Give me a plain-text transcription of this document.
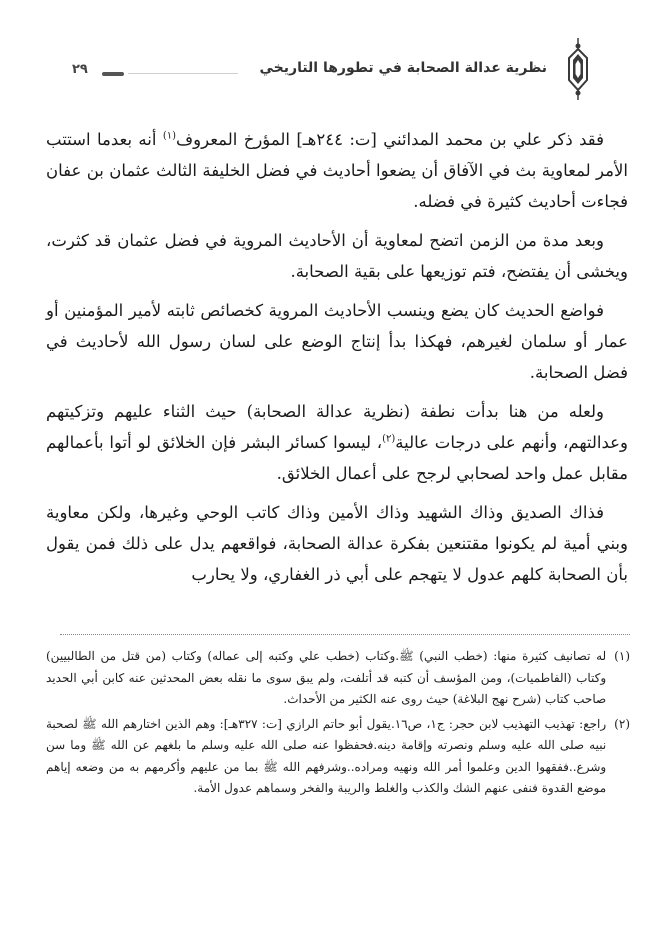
نظرية عدالة الصحابة في تطورها التاريخي
٢٩

فقد ذكر علي بن محمد المدائني [ت: ٢٤٤هـ] المؤرخ المعروف$^{(١)}$ أنه بعدما استتب الأمر لمعاوية بث في الآفاق أن يضعوا أحاديث في فضل الخليفة الثالث عثمان بن عفان فجاءت أحاديث كثيرة في فضله.

وبعد مدة من الزمن اتضح لمعاوية أن الأحاديث المروية في فضل عثمان قد كثرت، ويخشى أن يفتضح، فتم توزيعها على بقية الصحابة.

فواضع الحديث كان يضع وينسب الأحاديث المروية كخصائص ثابته لأمير المؤمنين أو عمار أو سلمان لغيرهم، فهكذا بدأ إنتاج الوضع على لسان رسول الله لأحاديث في فضل الصحابة.

ولعله من هنا بدأت نطفة (نظرية عدالة الصحابة) حيث الثناء عليهم وتزكيتهم وعدالتهم، وأنهم على درجات عالية$^{(٢)}$، ليسوا كسائر البشر فإن الخلائق لو أتوا بأعمالهم مقابل عمل واحد لصحابي لرجح على أعمال الخلائق.

فذاك الصديق وذاك الشهيد وذاك الأمين وذاك كاتب الوحي وغيرها، ولكن معاوية وبني أمية لم يكونوا مقتنعين بفكرة عدالة الصحابة، فواقعهم يدل على ذلك فمن يقول بأن الصحابة كلهم عدول لا يتهجم على أبي ذر الغفاري، ولا يحارب

(١)
له تصانيف كثيرة منها: (خطب النبي) ﷺ.وكتاب (خطب علي وكتبه إلى عماله) وكتاب (من قتل من الطالبيين) وكتاب (الفاطميات)، ومن المؤسف أن كتبه قد أتلفت، ولم يبق سوى ما نقله بعض المحدثين عنه كابن أبي الحديد صاحب كتاب (شرح نهج البلاغة) حيث روى عنه الكثير من الأحداث.
(٢)
راجع: تهذيب التهذيب لابن حجر: ج١، ص١٦.يقول أبو حاتم الرازي [ت: ٣٢٧هـ]: وهم الذين اختارهم الله ﷺ لصحبة نبيه صلى الله عليه وسلم ونصرته وإقامة دينه.فحفظوا عنه صلى الله عليه وسلم ما بلغهم عن الله ﷺ وما سن وشرع..ففقهوا الدين وعلموا أمر الله ونهيه ومراده..وشرفهم الله ﷺ بما من عليهم وأكرمهم به من وضعه إياهم موضع القدوة فنفى عنهم الشك والكذب والغلط والريبة والفخر وسماهم عدول الأمة.
